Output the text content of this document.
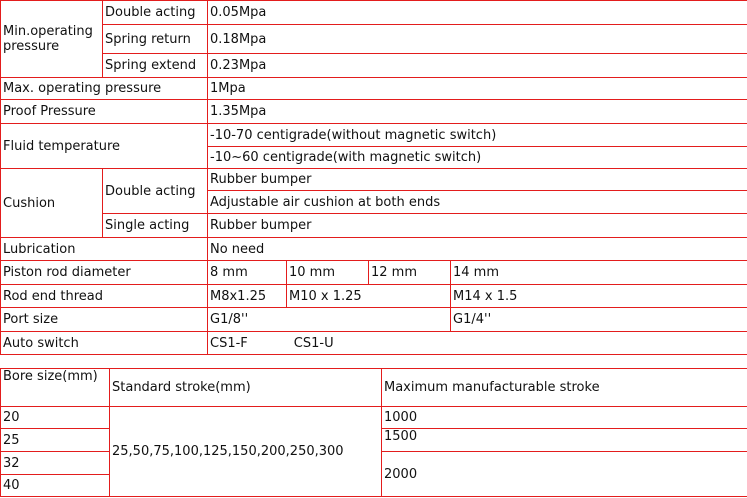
Min.operating pressure	Double acting	0.05Mpa			
	Spring return	0.18Mpa			
	Spring extend	0.23Mpa			
Max. operating pressure		1Mpa			
Proof Pressure		1.35Mpa			
Fluid temperature		-10-70 centigrade(without magnetic switch)			
		-10~60 centigrade(with magnetic switch)			
Cushion	Double acting	Rubber bumper			
		Adjustable air cushion at both ends			
	Single acting	Rubber bumper			
Lubrication		No need			
Piston rod diameter		8 mm	10 mm	12 mm	14 mm
Rod end thread		M8x1.25	M10 x 1.25		M14 x 1.5
Port size		G1/8''			G1/4''
Auto switch		CS1-F CS1-U			
Bore size(mm)	Standard stroke(mm)	Maximum manufacturable stroke
20	25,50,75,100,125,150,200,250,300	1000
25		1500
32		2000
40		
